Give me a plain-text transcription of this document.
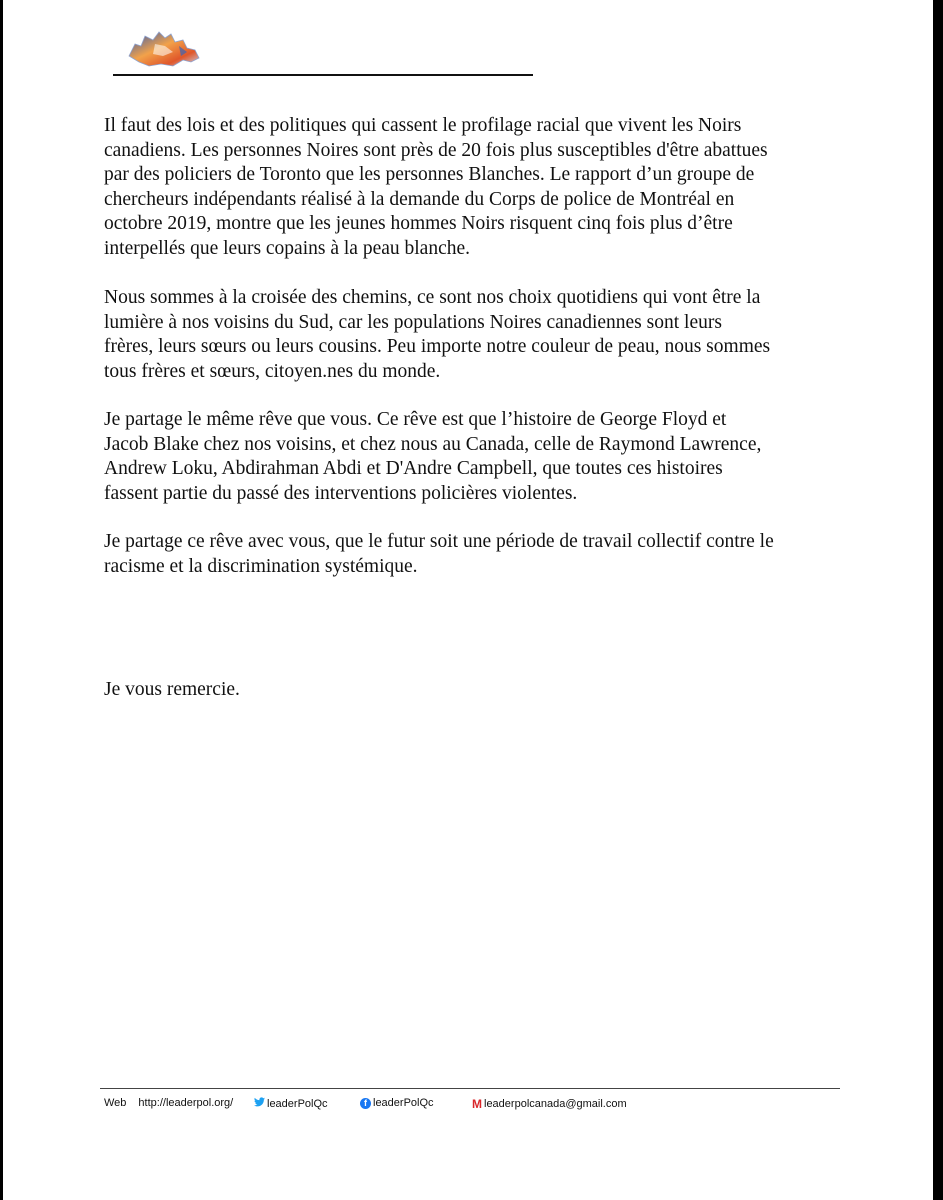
Il faut des lois et des politiques qui cassent le profilage racial que vivent les Noirs

canadiens. Les personnes Noires sont près de 20 fois plus susceptibles d'être abattues

par des policiers de Toronto que les personnes Blanches. Le rapport d’un groupe de

chercheurs indépendants réalisé à la demande du Corps de police de Montréal en

octobre 2019, montre que les jeunes hommes Noirs risquent cinq fois plus d’être

interpellés que leurs copains à la peau blanche.

Nous sommes à la croisée des chemins, ce sont nos choix quotidiens qui vont être la

lumière à nos voisins du Sud, car les populations Noires canadiennes sont leurs

frères, leurs sœurs ou leurs cousins. Peu importe notre couleur de peau, nous sommes

tous frères et sœurs, citoyen.nes du monde.

Je partage le même rêve que vous. Ce rêve est que l’histoire de George Floyd et

Jacob Blake chez nos voisins, et chez nous au Canada, celle de Raymond Lawrence,

Andrew Loku, Abdirahman Abdi et D'Andre Campbell, que toutes ces histoires

fassent partie du passé des interventions policières violentes.

Je partage ce rêve avec vous, que le futur soit une période de travail collectif contre le

racisme et la discrimination systémique.

Je vous remercie.

Web http://leaderpol.org/	leaderPolQc	f leaderPolQc	M leaderpolcanada@gmail.com
